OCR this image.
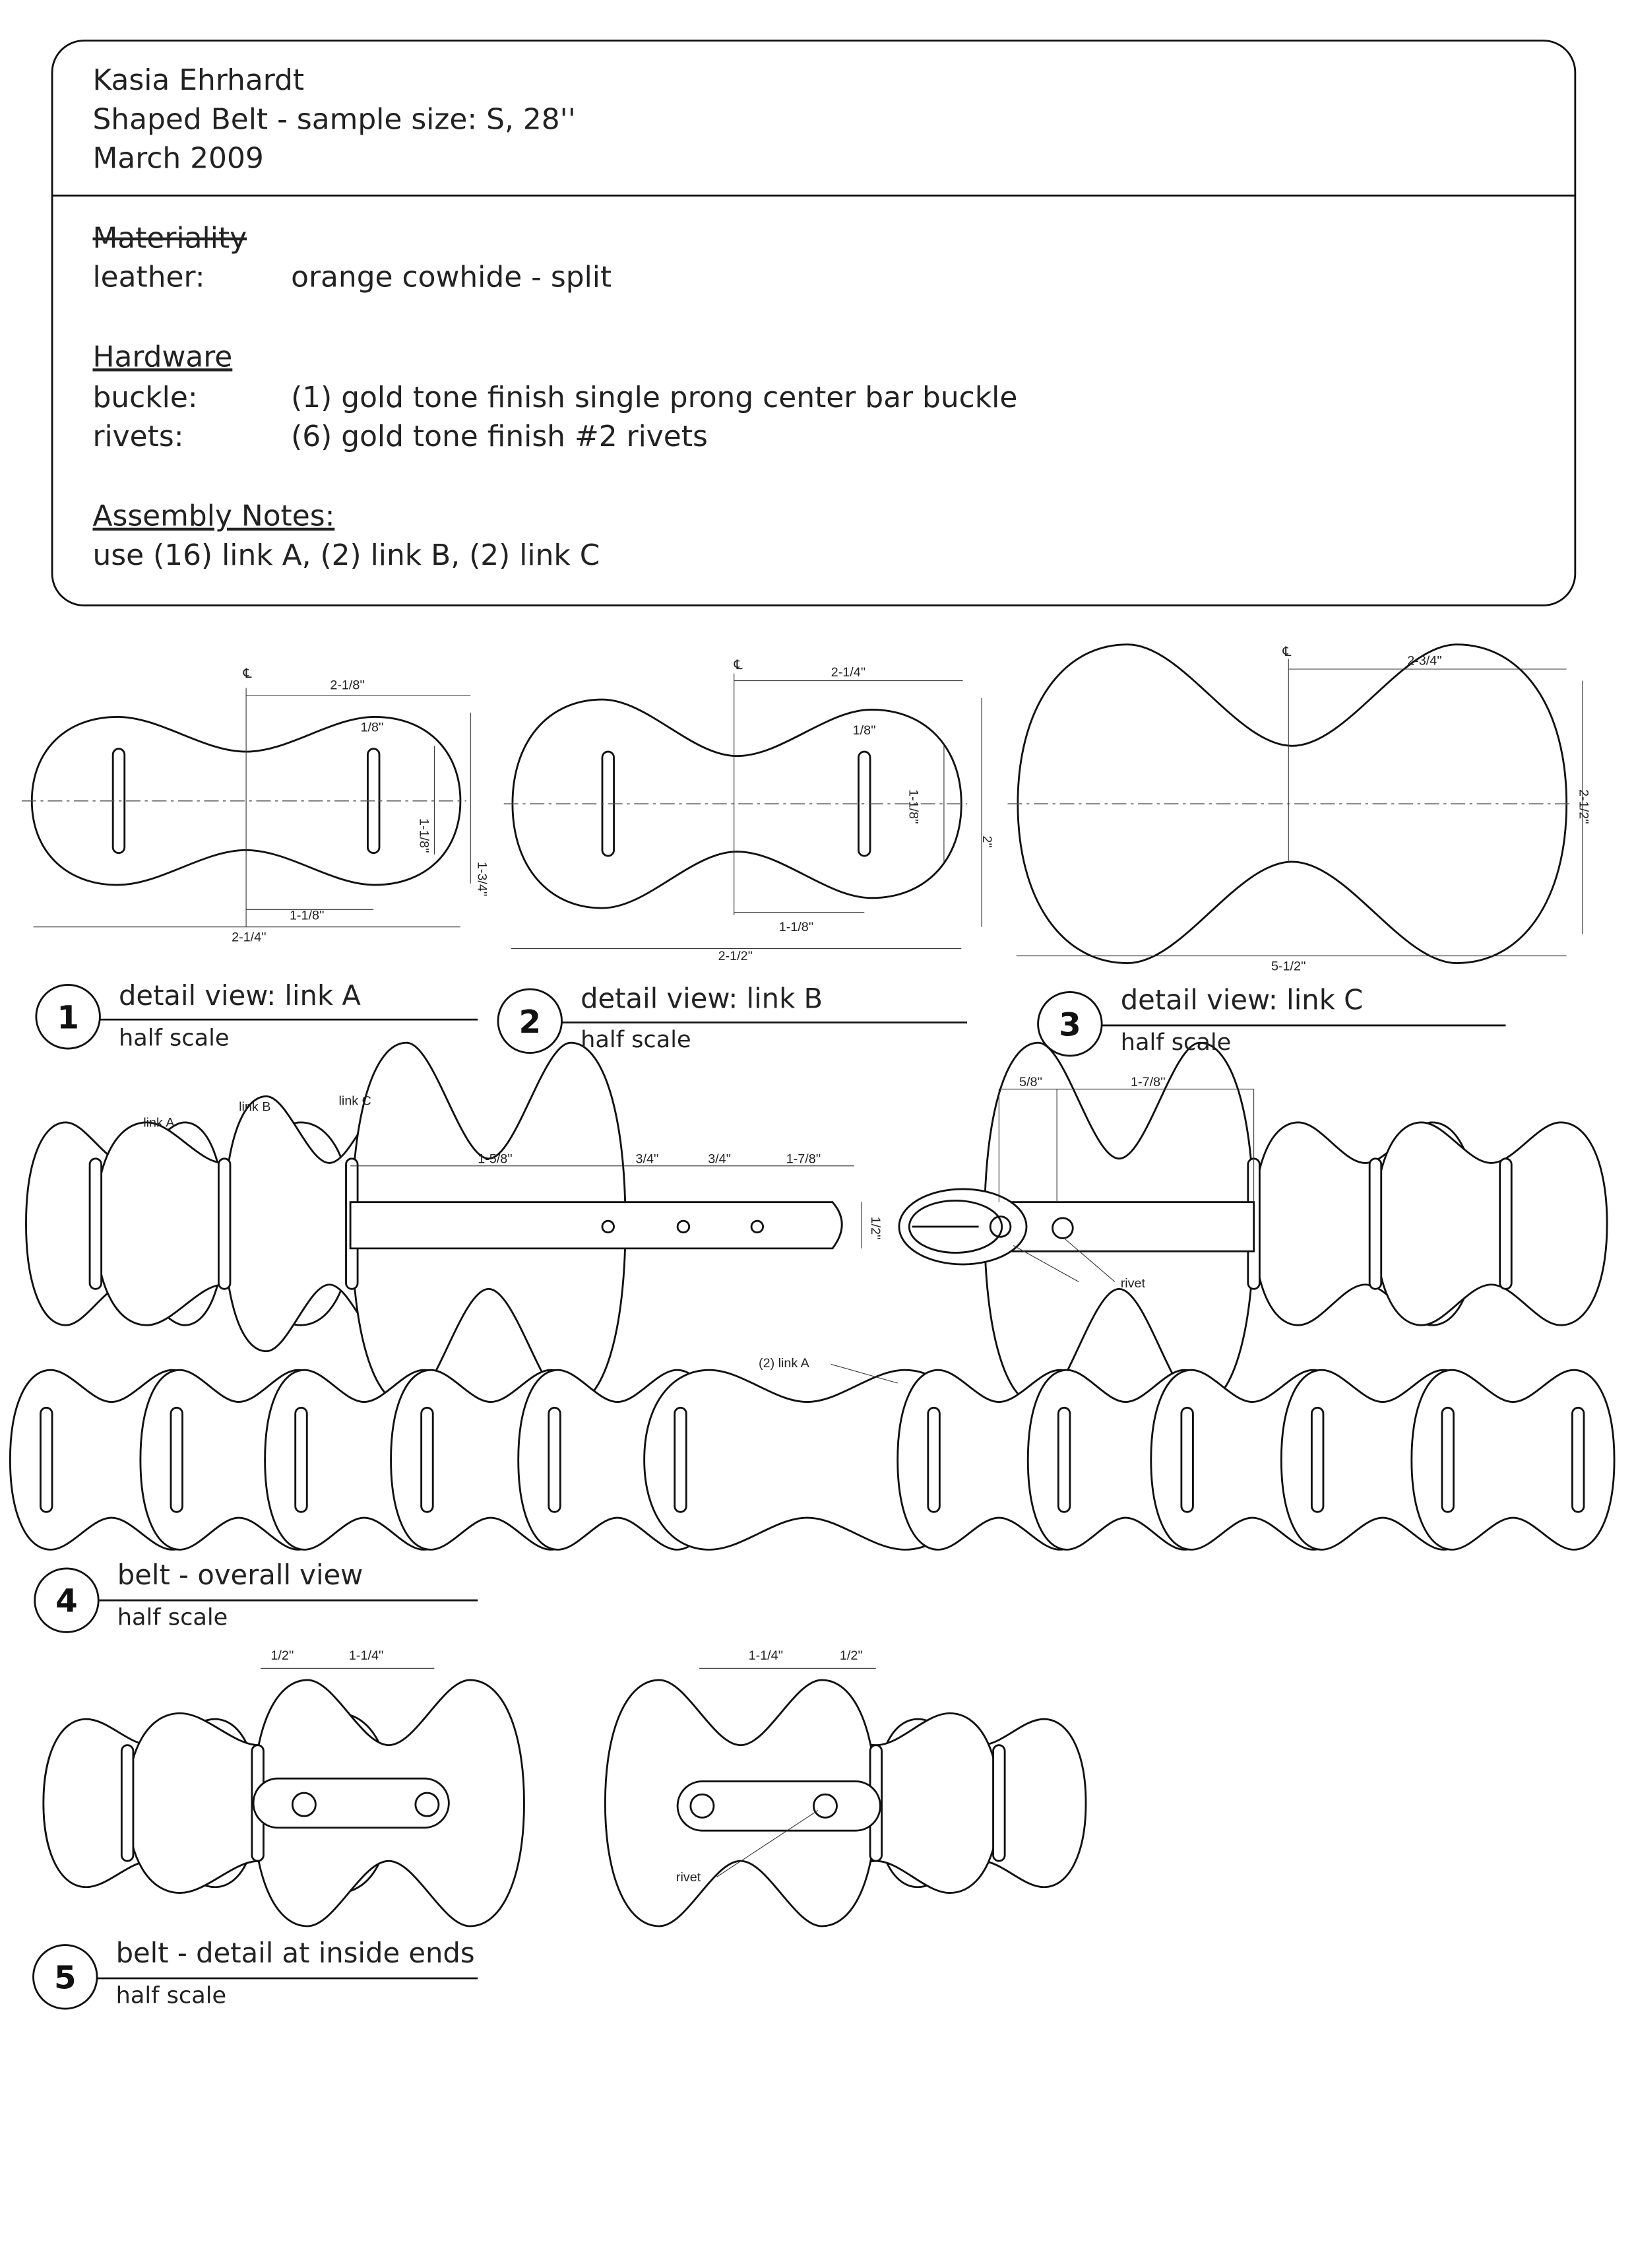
Kasia Ehrhardt
Shaped Belt - sample size: S, 28''
March 2009
Materiality
leather:	orange cowhide - split
Hardware
buckle:	(1) gold tone finish single prong center bar buckle
rivets:	(6) gold tone finish #2 rivets
Assembly Notes:
use (16) link A, (2) link B, (2) link C
2-1/8''
1/8''
1-1/8''
1-3/4''
1-1/8''
2-1/4''
2-1/4''
1/8''
1-1/8''
2''
1-1/8''
2-1/2''
2-3/4''
2-1/2''
5-1/2''
℄
℄
℄
1-5/8''	3/4''	3/4''	1-7/8''
1/2''
5/8''	1-7/8''
link A
link B	link C
rivet
(2) link A
1/2''	1-1/4''	1-1/4''	1/2''
rivet
1
detail view: link A
half scale	2
detail view: link B
half scale	3
detail view: link C
half scale
4
belt - overall view
half scale
5
belt - detail at inside ends
half scale
